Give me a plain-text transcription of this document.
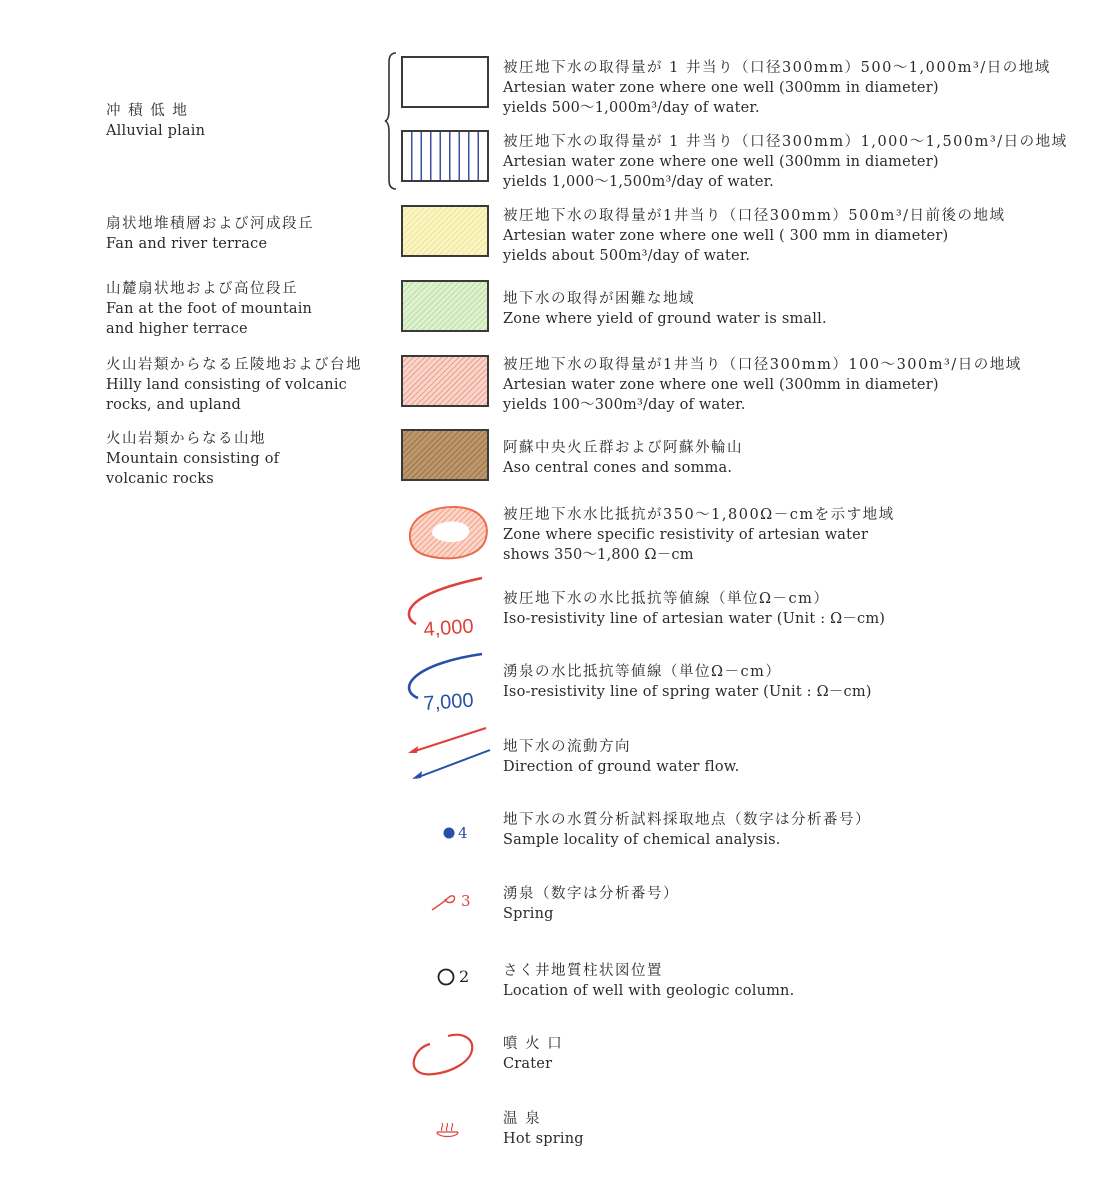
冲 積 低 地
Alluvial plain
扇状地堆積層および河成段丘
Fan and river terrace
山麓扇状地および高位段丘
Fan at the foot of mountain
and higher terrace
火山岩類からなる丘陵地および台地
Hilly land consisting of volcanic
rocks, and upland
火山岩類からなる山地
Mountain consisting of
volcanic rocks
被圧地下水の取得量が 1 井当り（口径300mm）500～1,000m³/日の地域
Artesian water zone where one well (300mm in diameter)
yields 500～1,000m³/day of water.
被圧地下水の取得量が 1 井当り（口径300mm）1,000～1,500m³/日の地域
Artesian water zone where one well (300mm in diameter)
yields 1,000～1,500m³/day of water.
被圧地下水の取得量が1井当り（口径300mm）500m³/日前後の地域
Artesian water zone where one well ( 300 mm in diameter)
yields about 500m³/day of water.
地下水の取得が困難な地域
Zone where yield of ground water is small.
被圧地下水の取得量が1井当り（口径300mm）100～300m³/日の地域
Artesian water zone where one well (300mm in diameter)
yields 100～300m³/day of water.
阿蘇中央火丘群および阿蘇外輪山
Aso central cones and somma.
被圧地下水水比抵抗が350～1,800Ω－cmを示す地域
Zone where specific resistivity of artesian water
shows 350～1,800 Ω－cm
被圧地下水の水比抵抗等値線（単位Ω－cm）
Iso-resistivity line of artesian water (Unit : Ω－cm)
湧泉の水比抵抗等値線（単位Ω－cm）
Iso-resistivity line of spring water (Unit : Ω－cm)
地下水の流動方向
Direction of ground water flow.
地下水の水質分析試料採取地点（数字は分析番号）
Sample locality of chemical analysis.
湧泉（数字は分析番号）
Spring
さく井地質柱状図位置
Location of well with geologic column.
噴 火 口
Crater
温 泉
Hot spring
4,000
7,000
4
3
2
